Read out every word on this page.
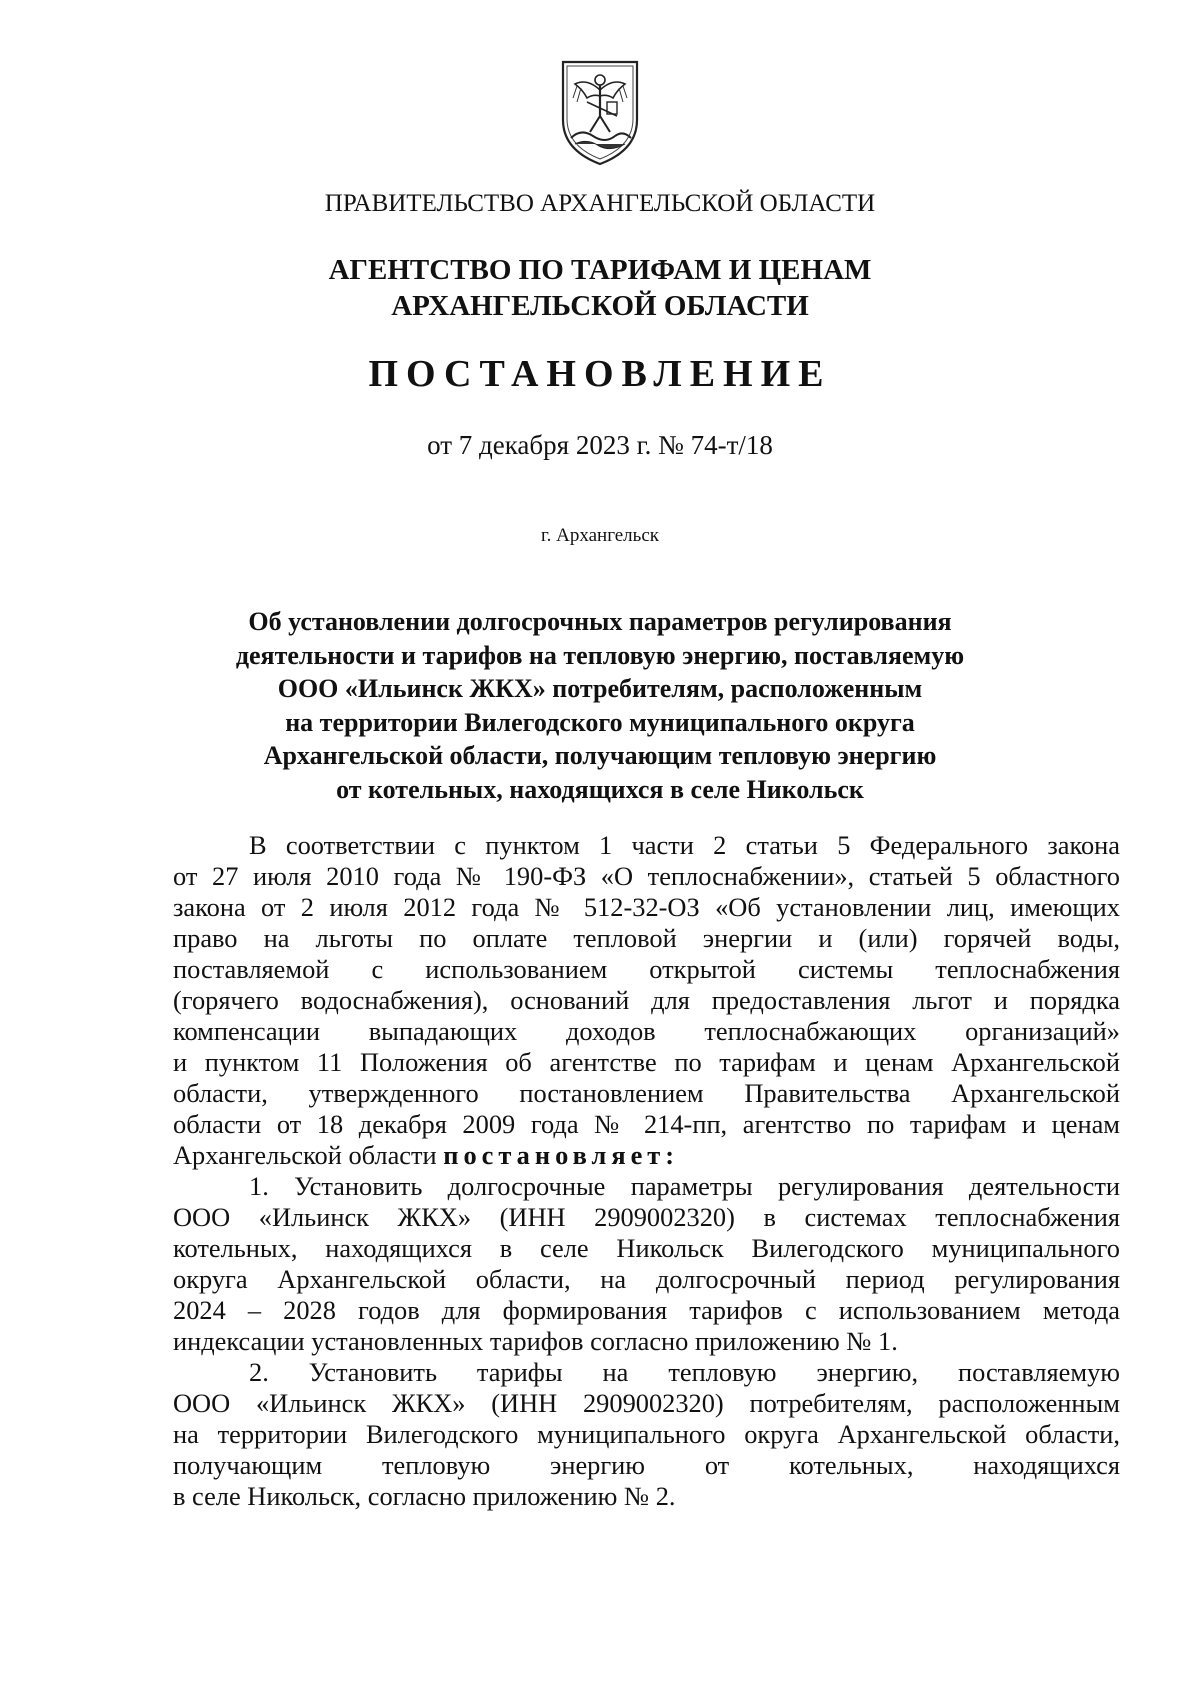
ПРАВИТЕЛЬСТВО АРХАНГЕЛЬСКОЙ ОБЛАСТИ
АГЕНТСТВО ПО ТАРИФАМ И ЦЕНАМ
АРХАНГЕЛЬСКОЙ ОБЛАСТИ
ПОСТАНОВЛЕНИЕ
от 7 декабря 2023 г. № 74-т/18
г. Архангельск
Об установлении долгосрочных параметров регулирования
деятельности и тарифов на тепловую энергию, поставляемую
ООО «Ильинск ЖКХ» потребителям, расположенным
на территории Вилегодского муниципального округа
Архангельской области, получающим тепловую энергию
от котельных, находящихся в селе Никольск
В соответствии с пунктом 1 части 2 статьи 5 Федерального закона
от 27 июля 2010 года № 190-ФЗ «О теплоснабжении», статьей 5 областного
закона от 2 июля 2012 года № 512-32-ОЗ «Об установлении лиц, имеющих
право на льготы по оплате тепловой энергии и (или) горячей воды,
поставляемой с использованием открытой системы теплоснабжения
(горячего водоснабжения), оснований для предоставления льгот и порядка
компенсации выпадающих доходов теплоснабжающих организаций»
и пунктом 11 Положения об агентстве по тарифам и ценам Архангельской
области, утвержденного постановлением Правительства Архангельской
области от 18 декабря 2009 года № 214-пп, агентство по тарифам и ценам
Архангельской области постановляет:
1. Установить долгосрочные параметры регулирования деятельности
ООО «Ильинск ЖКХ» (ИНН 2909002320) в системах теплоснабжения
котельных, находящихся в селе Никольск Вилегодского муниципального
округа Архангельской области, на долгосрочный период регулирования
2024 – 2028 годов для формирования тарифов с использованием метода
индексации установленных тарифов согласно приложению № 1.
2. Установить тарифы на тепловую энергию, поставляемую
ООО «Ильинск ЖКХ» (ИНН 2909002320) потребителям, расположенным
на территории Вилегодского муниципального округа Архангельской области,
получающим тепловую энергию от котельных, находящихся
в селе Никольск, согласно приложению № 2.
